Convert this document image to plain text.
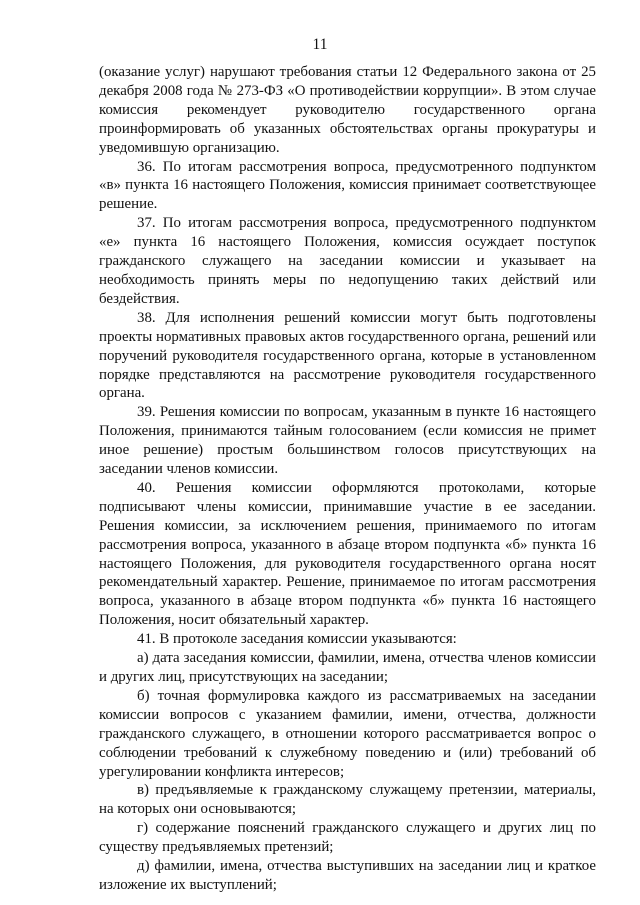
11

(оказание услуг) нарушают требования статьи 12 Федерального закона от 25 декабря 2008 года № 273-ФЗ «О противодействии коррупции». В этом случае комиссия рекомендует руководителю государственного органа проинформировать об указанных обстоятельствах органы прокуратуры и уведомившую организацию.

36. По итогам рассмотрения вопроса, предусмотренного подпунктом «в» пункта 16 настоящего Положения, комиссия принимает соответствующее решение.

37. По итогам рассмотрения вопроса, предусмотренного подпунктом «е» пункта 16 настоящего Положения, комиссия осуждает поступок гражданского служащего на заседании комиссии и указывает на необходимость принять меры по недопущению таких действий или бездействия.

38. Для исполнения решений комиссии могут быть подготовлены проекты нормативных правовых актов государственного органа, решений или поручений руководителя государственного органа, которые в установленном порядке представляются на рассмотрение руководителя государственного органа.

39. Решения комиссии по вопросам, указанным в пункте 16 настоящего Положения, принимаются тайным голосованием (если комиссия не примет иное решение) простым большинством голосов присутствующих на заседании членов комиссии.

40. Решения комиссии оформляются протоколами, которые подписывают члены комиссии, принимавшие участие в ее заседании. Решения комиссии, за исключением решения, принимаемого по итогам рассмотрения вопроса, указанного в абзаце втором подпункта «б» пункта 16 настоящего Положения, для руководителя государственного органа носят рекомендательный характер. Решение, принимаемое по итогам рассмотрения вопроса, указанного в абзаце втором подпункта «б» пункта 16 настоящего Положения, носит обязательный характер.

41. В протоколе заседания комиссии указываются:

а) дата заседания комиссии, фамилии, имена, отчества членов комиссии и других лиц, присутствующих на заседании;

б) точная формулировка каждого из рассматриваемых на заседании комиссии вопросов с указанием фамилии, имени, отчества, должности гражданского служащего, в отношении которого рассматривается вопрос о соблюдении требований к служебному поведению и (или) требований об урегулировании конфликта интересов;

в) предъявляемые к гражданскому служащему претензии, материалы, на которых они основываются;

г) содержание пояснений гражданского служащего и других лиц по существу предъявляемых претензий;

д) фамилии, имена, отчества выступивших на заседании лиц и краткое изложение их выступлений;
